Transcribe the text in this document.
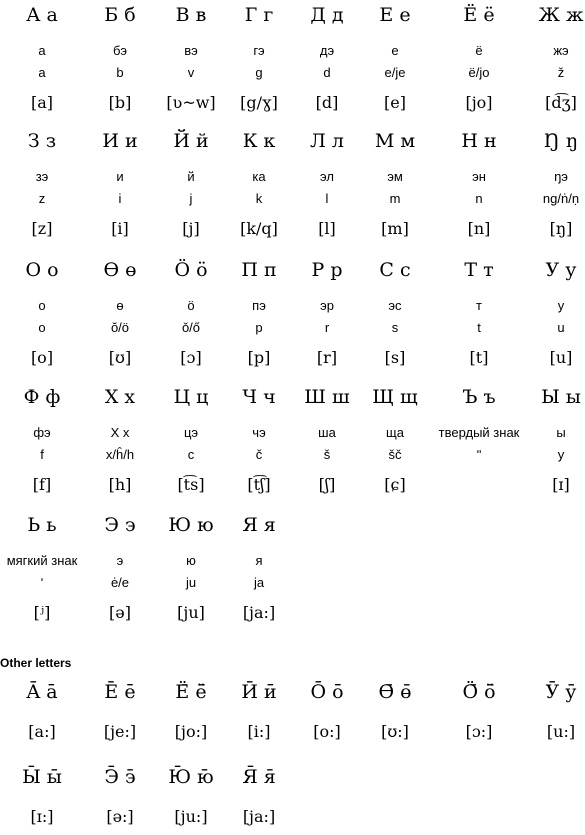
А а
а
a
[a]
Б б
бэ
b
[b]
В в
вэ
v
[ʋ~w]
Г г
гэ
g
[g/ɣ]
Д д
дэ
d
[d]
Е е
е
e/je
[e]
Ё ё
ё
ë/jo
[jo]
Ж ж
жэ
ž
[d͡ʒ]
З з
зэ
z
[z]
И и
и
i
[i]
Й й
й
j
[j]
К к
ка
k
[k/q]
Л л
эл
l
[l]
М м
эм
m
[m]
Н н
эн
n
[n]
Ŋ ŋ
ŋэ
ng/ṅ/ṇ
[ŋ]
О о
о
o
[o]
Ө ө
ө
ŏ/ö
[ʊ]
Ӧ ӧ
ӧ
ǒ/ő
[ɔ]
П п
пэ
p
[p]
Р р
эр
r
[r]
С с
эс
s
[s]
Т т
т
t
[t]
У у
у
u
[u]
Ф ф
фэ
f
[f]
Х х
Х х
x/ĥ/h
[h]
Ц ц
цэ
c
[t͡s]
Ч ч
чэ
č
[t͡ʃ]
Ш ш
ша
š
[ʃ]
Щ щ
ща
šč
[ɕ]
Ъ ъ
твердый знак
ʺ
Ы ы
ы
y
[ɪ]
Ь ь
мягкий знак
ʹ
[ʲ]
Э э
э
ė/e
[ə]
Ю ю
ю
ju
[ju]
Я я
я
ja
[ja:]
Ā ā
[a:]
Ē ē
[je:]
Ё̄ ё̄
[jo:]
Ӣ ӣ
[i:]
Ō ō
[o:]
Ө̄ ө̄
[ʊ:]
Ӧ̄ ӧ̄
[ɔ:]
Ӯ ӯ
[u:]
Ы̄ ы̄
[ɪ:]
Э̄ э̄
[ə:]
Ю̄ ю̄
[ju:]
Я̄ я̄
[ja:]
Other letters
